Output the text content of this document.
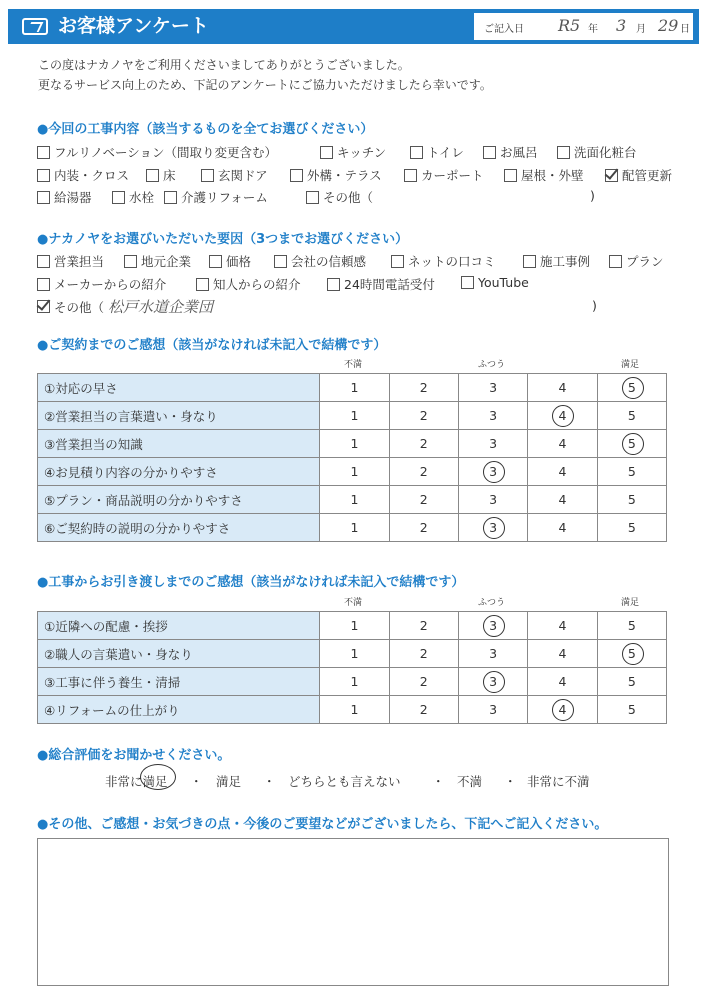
お客様アンケート	ご記入日 R5 年 3 月 29 日
この度はナカノヤをご利用くださいましてありがとうございました。
更なるサービス向上のため、下記のアンケートにご協力いただけましたら幸いです。
●今回の工事内容（該当するものを全てお選びください）
フルリノベーション（間取り変更含む）	キッチン	トイレ	お風呂	洗面化粧台
内装・クロス	床	玄関ドア	外構・テラス	カーポート	屋根・外壁	配管更新
給湯器	水栓 介護リフォーム	その他（	)
●ナカノヤをお選びいただいた要因（3つまでお選びください）
営業担当	地元企業	価格	会社の信頼感	ネットの口コミ	施工事例	プラン
メーカーからの紹介	知人からの紹介	24時間電話受付	YouTube
その他（ 松戸水道企業団	)
●ご契約までのご感想（該当がなければ未記入で結構です）
不満	ふつう	満足
①対応の早さ	1	2	3	4	5

②営業担当の言葉遣い・身なり	1	2	3	4	5
③営業担当の知識	1	2	3	4	5

④お見積り内容の分かりやすさ	1	2	3	4	5
⑤プラン・商品説明の分かりやすさ	1	2	3	4	5
⑥ご契約時の説明の分かりやすさ	1	2	3	4	5
●工事からお引き渡しまでのご感想（該当がなければ未記入で結構です）
不満	ふつう	満足
①近隣への配慮・挨拶	1	2	3	4	5
②職人の言葉遣い・身なり	1	2	3	4	5

③工事に伴う養生・清掃	1	2	3	4	5
④リフォームの仕上がり	1	2	3	4	5
●総合評価をお聞かせください。
非常に満足 ・ 満足 ・ どちらとも言えない	・ 不満 ・ 非常に不満
●その他、ご感想・お気づきの点・今後のご要望などがございましたら、下記へご記入ください。
